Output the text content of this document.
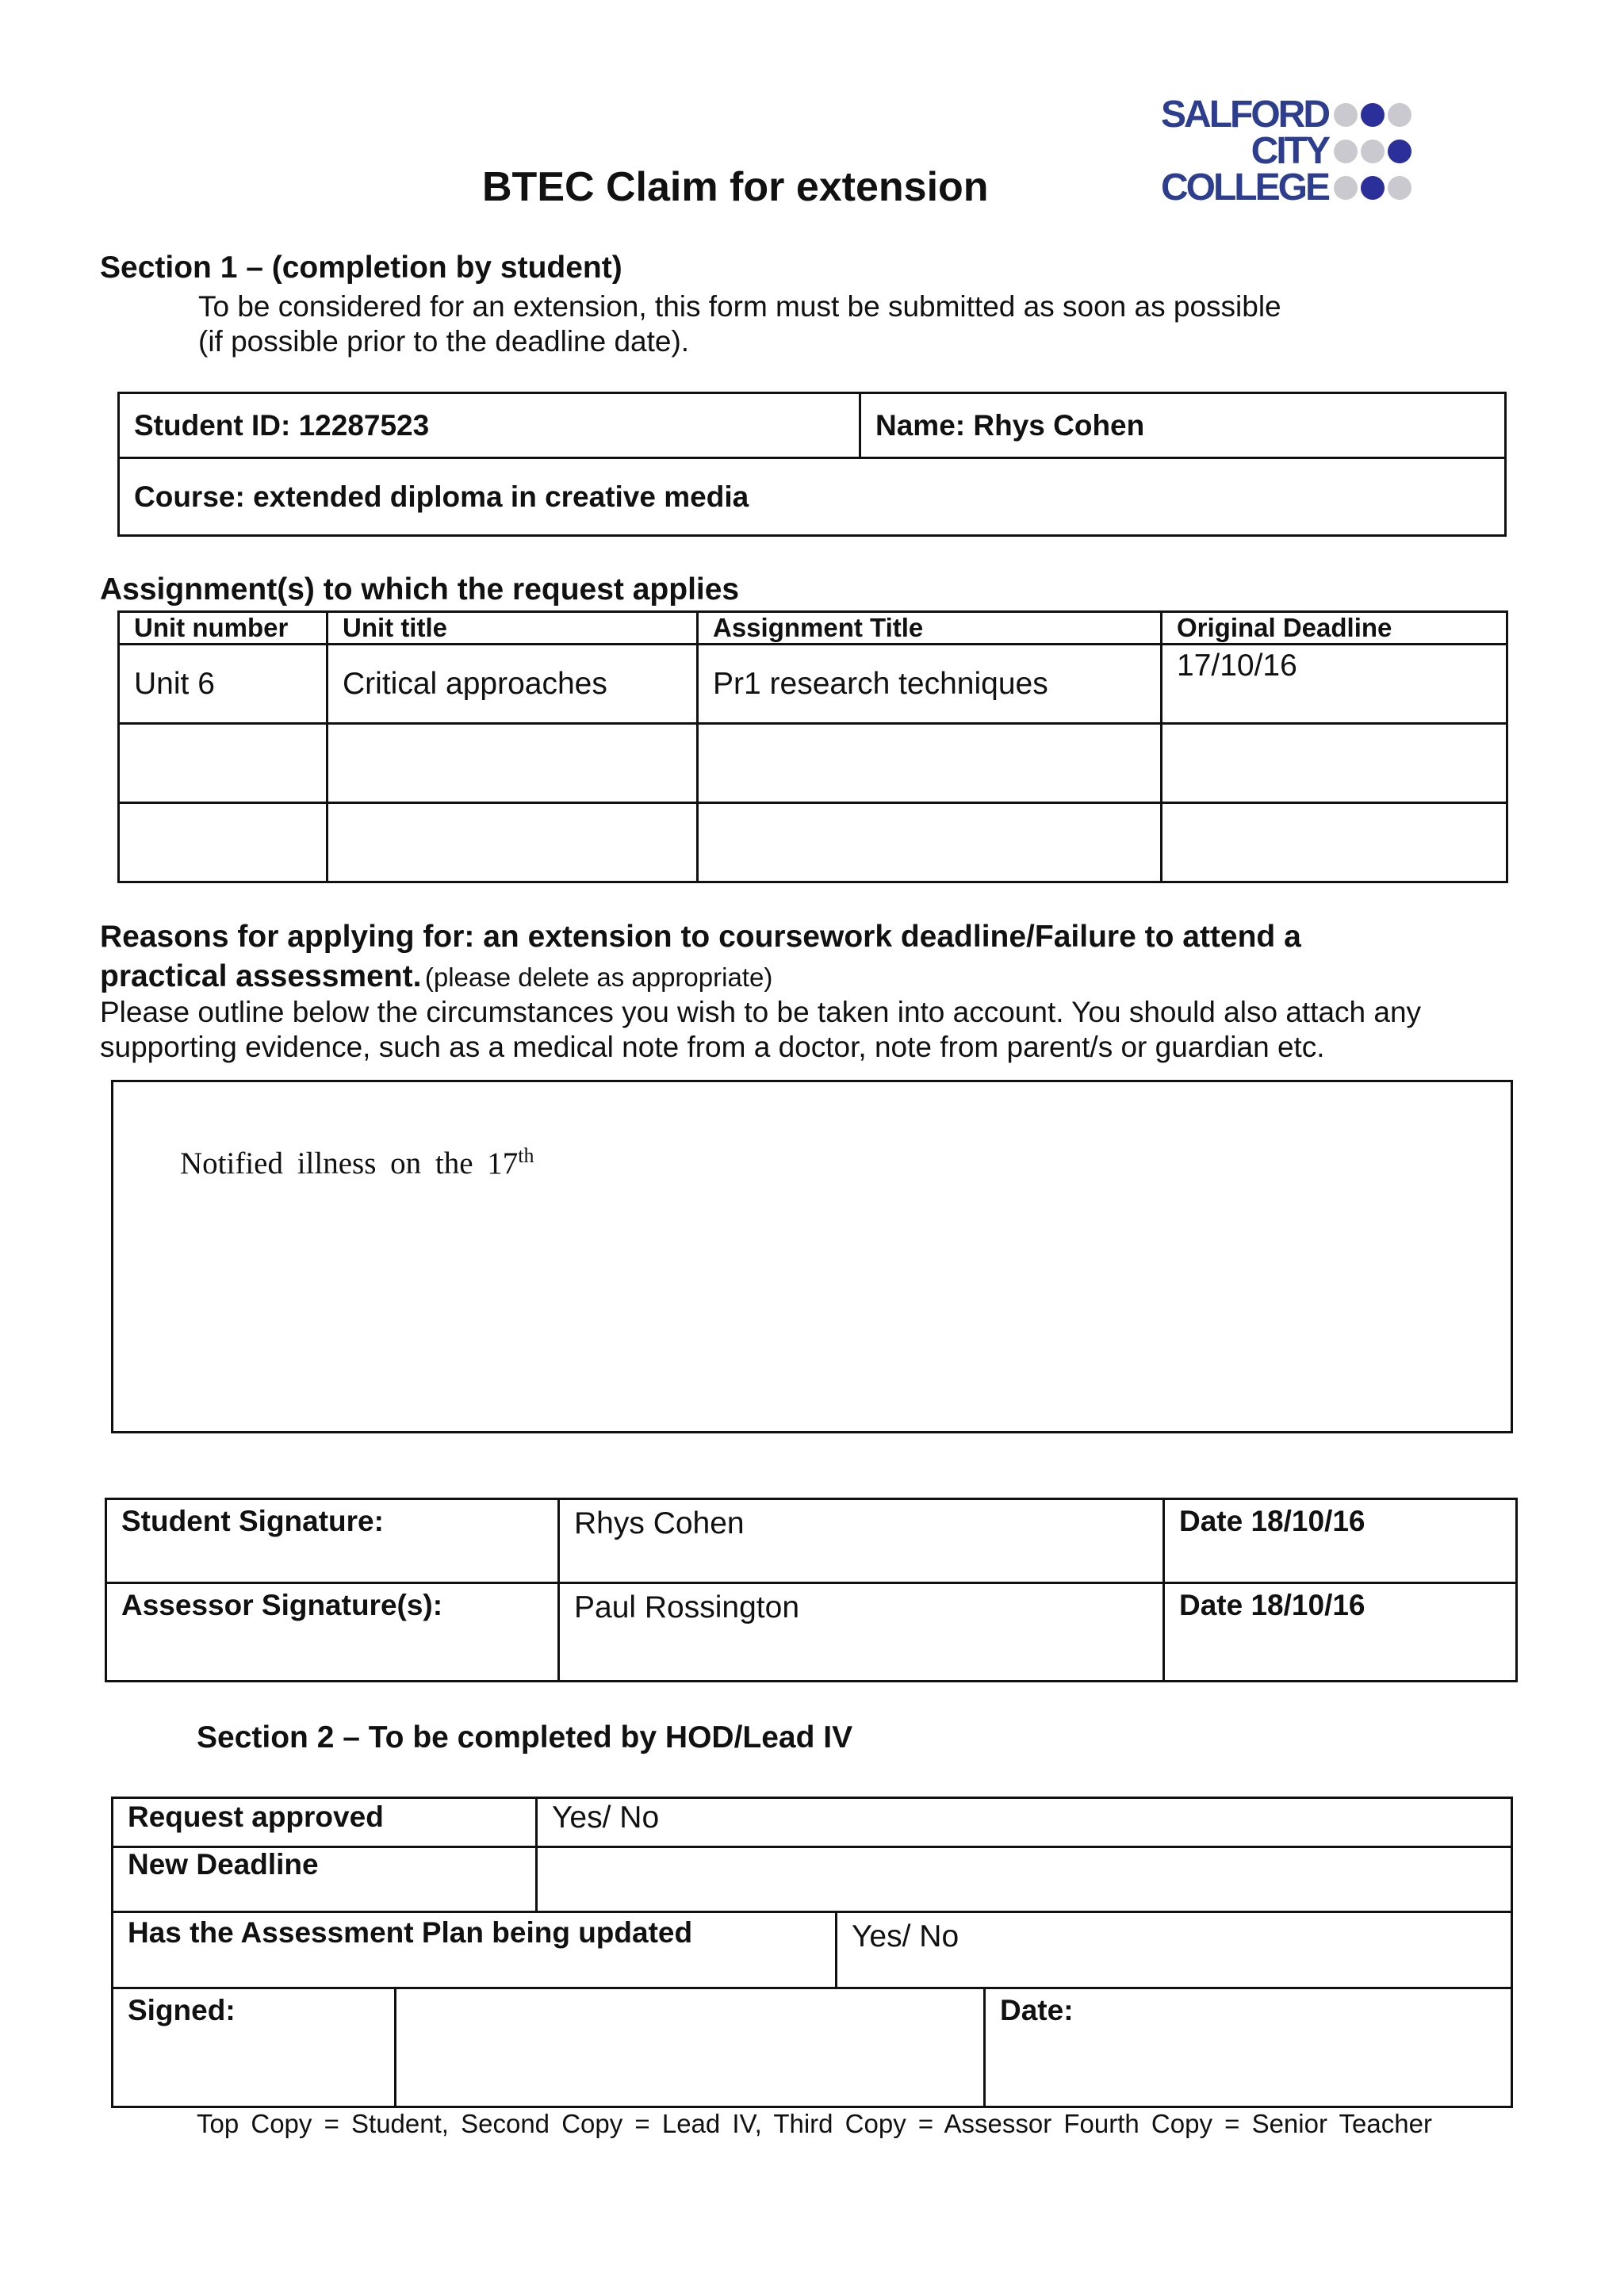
SALFORD
CITY
COLLEGE
BTEC Claim for extension
Section 1 – (completion by student)
To be considered for an extension, this form must be submitted as soon as possible
(if possible prior to the deadline date).
Student ID: 12287523	Name: Rhys Cohen
Course: extended diploma in creative media
Assignment(s) to which the request applies
Unit number	Unit title	Assignment Title	Original Deadline
Unit 6	Critical approaches	Pr1 research techniques	17/10/16

Reasons for applying for: an extension to coursework deadline/Failure to attend a
practical assessment. (please delete as appropriate)
Please outline below the circumstances you wish to be taken into account. You should also attach any
supporting evidence, such as a medical note from a doctor, note from parent/s or guardian etc.
Notified illness on the 17th
Student Signature:	Rhys Cohen	Date 18/10/16
Assessor Signature(s):	Paul Rossington	Date 18/10/16
Section 2 – To be completed by HOD/Lead IV
Request approved	Yes/ No
New Deadline	
Has the Assessment Plan being updated	Yes/ No
Signed:		Date:
Top Copy = Student, Second Copy = Lead IV, Third Copy = Assessor Fourth Copy = Senior Teacher
